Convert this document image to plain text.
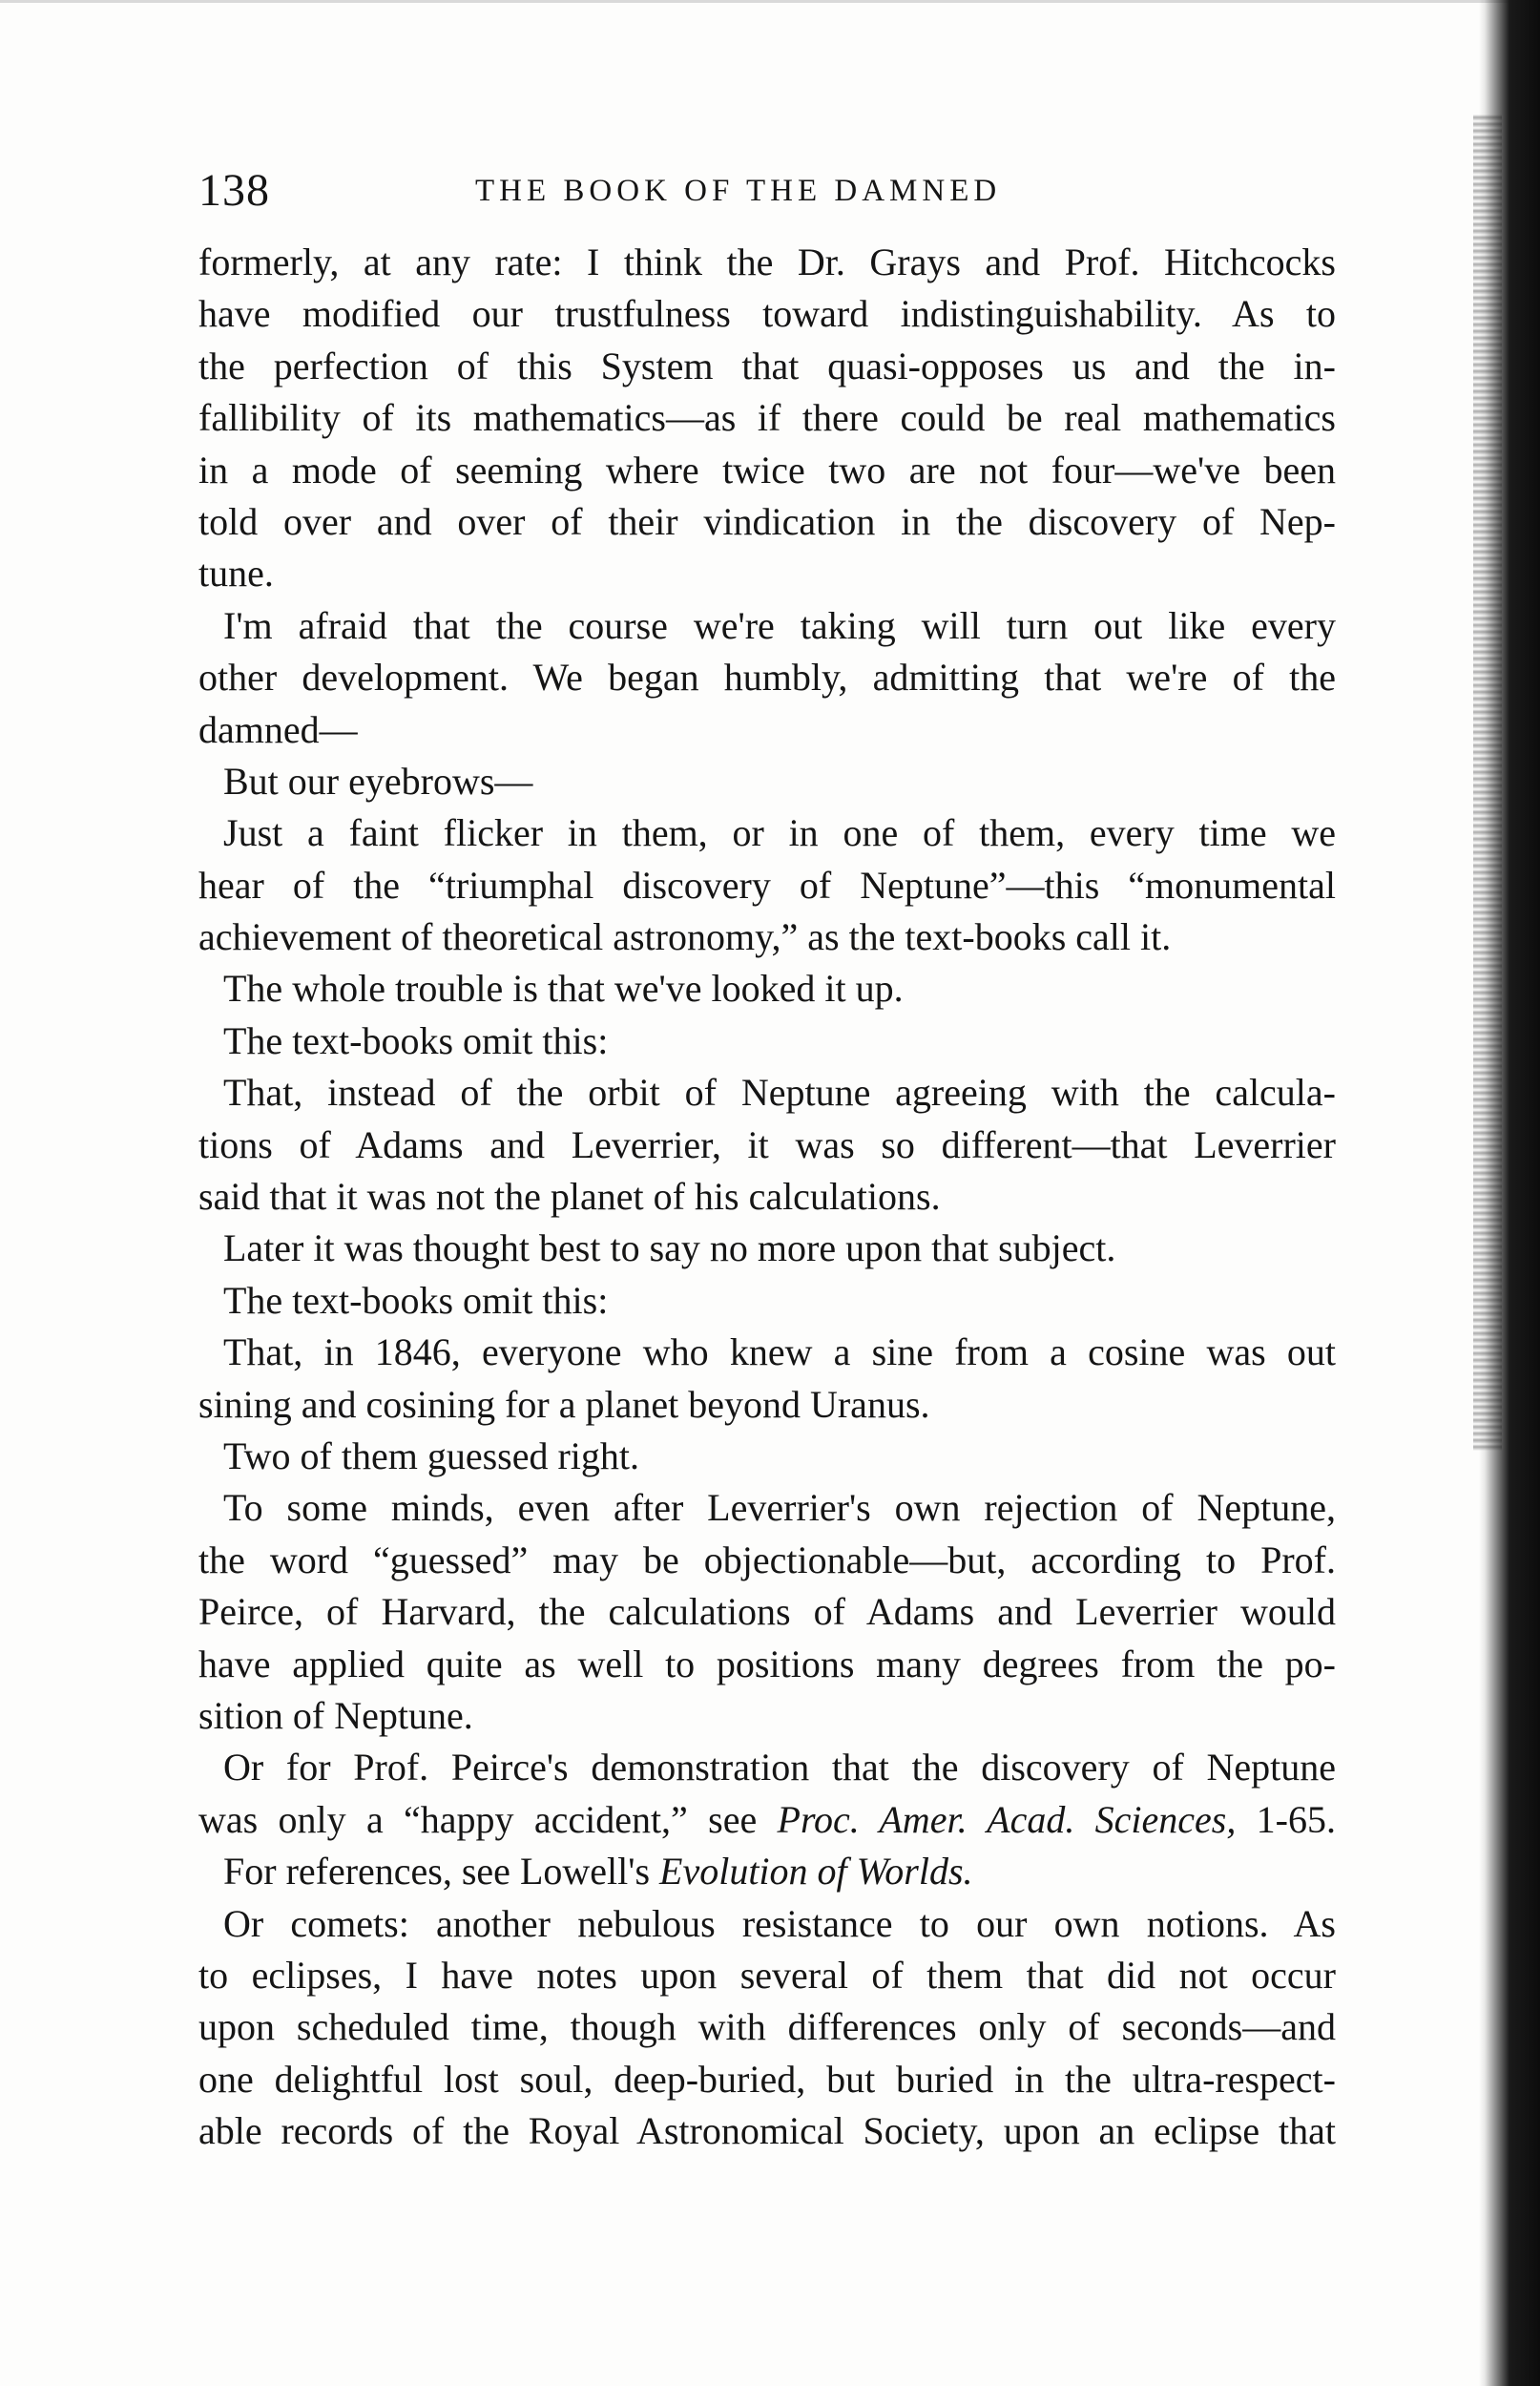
138	THE BOOK OF THE DAMNED
formerly, at any rate: I think the Dr. Grays and Prof. Hitchcocks
have modified our trustfulness toward indistinguishability. As to
the perfection of this System that quasi-opposes us and the in-
fallibility of its mathematics—as if there could be real mathematics
in a mode of seeming where twice two are not four—we've been
told over and over of their vindication in the discovery of Nep-
tune.
I'm afraid that the course we're taking will turn out like every
other development. We began humbly, admitting that we're of the
damned—
But our eyebrows—
Just a faint flicker in them, or in one of them, every time we
hear of the “triumphal discovery of Neptune”—this “monumental
achievement of theoretical astronomy,” as the text-books call it.
The whole trouble is that we've looked it up.
The text-books omit this:
That, instead of the orbit of Neptune agreeing with the calcula-
tions of Adams and Leverrier, it was so different—that Leverrier
said that it was not the planet of his calculations.
Later it was thought best to say no more upon that subject.
The text-books omit this:
That, in 1846, everyone who knew a sine from a cosine was out
sining and cosining for a planet beyond Uranus.
Two of them guessed right.
To some minds, even after Leverrier's own rejection of Neptune,
the word “guessed” may be objectionable—but, according to Prof.
Peirce, of Harvard, the calculations of Adams and Leverrier would
have applied quite as well to positions many degrees from the po-
sition of Neptune.
Or for Prof. Peirce's demonstration that the discovery of Neptune
was only a “happy accident,” see Proc. Amer. Acad. Sciences, 1-65.
For references, see Lowell's Evolution of Worlds.
Or comets: another nebulous resistance to our own notions. As
to eclipses, I have notes upon several of them that did not occur
upon scheduled time, though with differences only of seconds—and
one delightful lost soul, deep-buried, but buried in the ultra-respect-
able records of the Royal Astronomical Society, upon an eclipse that
